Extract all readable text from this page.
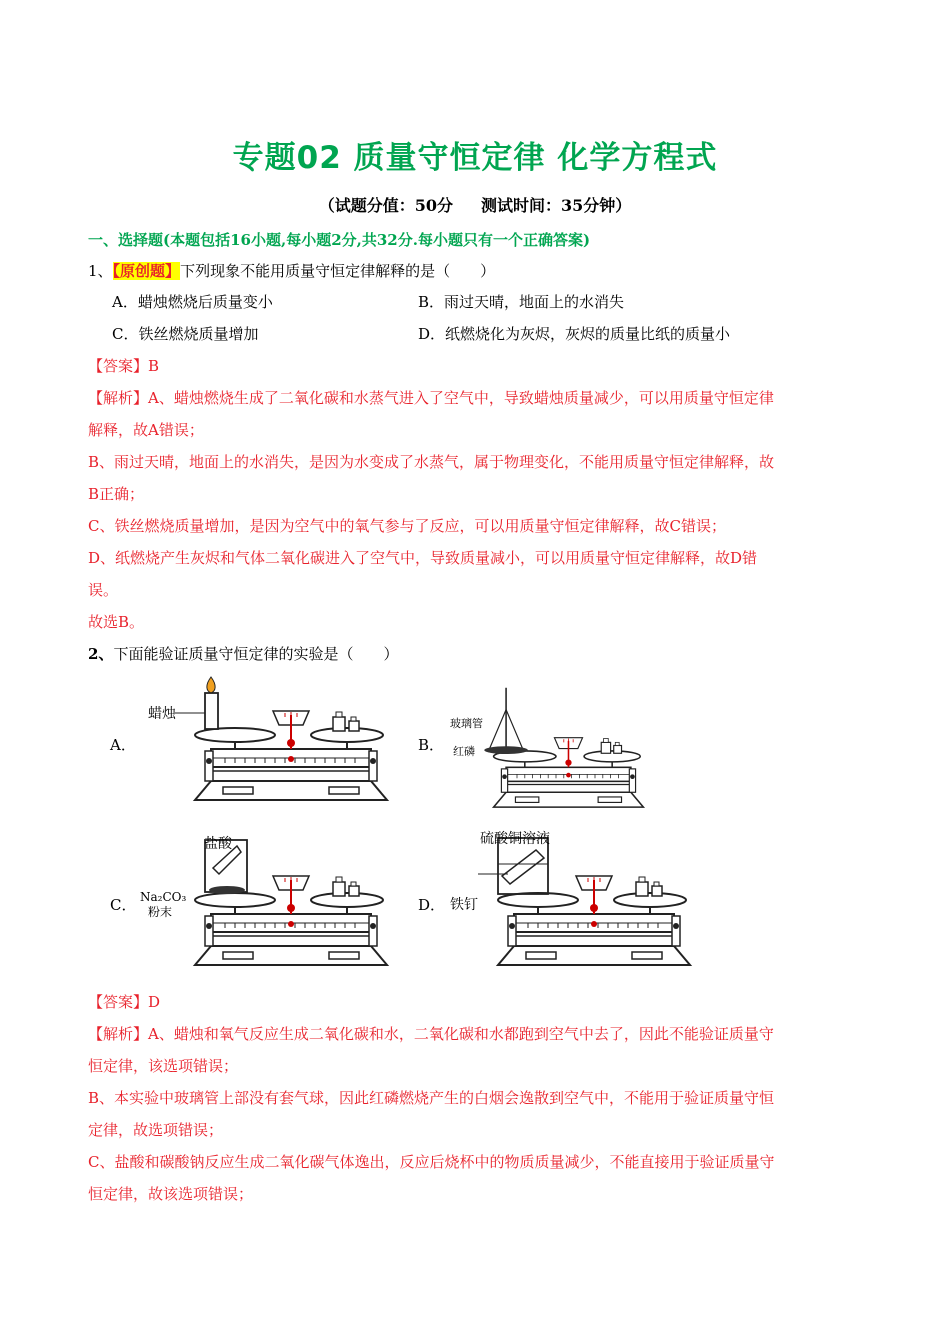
专题02 质量守恒定律 化学方程式
（试题分值：50分 测试时间：35分钟）
一、选择题(本题包括16小题,每小题2分,共32分.每小题只有一个正确答案)
1、【原创题】下列现象不能用质量守恒定律解释的是（　　）
A．蜡烛燃烧后质量变小	B．雨过天晴，地面上的水消失
C．铁丝燃烧质量增加	D．纸燃烧化为灰烬，灰烬的质量比纸的质量小
【答案】B
【解析】A、蜡烛燃烧生成了二氧化碳和水蒸气进入了空气中，导致蜡烛质量减少，可以用质量守恒定律
解释，故A错误；
B、雨过天晴，地面上的水消失，是因为水变成了水蒸气，属于物理变化，不能用质量守恒定律解释，故
B正确；
C、铁丝燃烧质量增加，是因为空气中的氧气参与了反应，可以用质量守恒定律解释，故C错误；
D、纸燃烧产生灰烬和气体二氧化碳进入了空气中，导致质量减小，可以用质量守恒定律解释，故D错
误。
故选B。
2、下面能验证质量守恒定律的实验是（　　）
A．
蜡烛
B．
玻璃管
红磷
C．
盐酸
Na₂CO₃
粉末	D．
硫酸铜溶液
铁钉
【答案】D
【解析】A、蜡烛和氧气反应生成二氧化碳和水，二氧化碳和水都跑到空气中去了，因此不能验证质量守
恒定律，该选项错误；
B、本实验中玻璃管上部没有套气球，因此红磷燃烧产生的白烟会逸散到空气中，不能用于验证质量守恒
定律，故选项错误；
C、盐酸和碳酸钠反应生成二氧化碳气体逸出，反应后烧杯中的物质质量减少，不能直接用于验证质量守
恒定律，故该选项错误；
